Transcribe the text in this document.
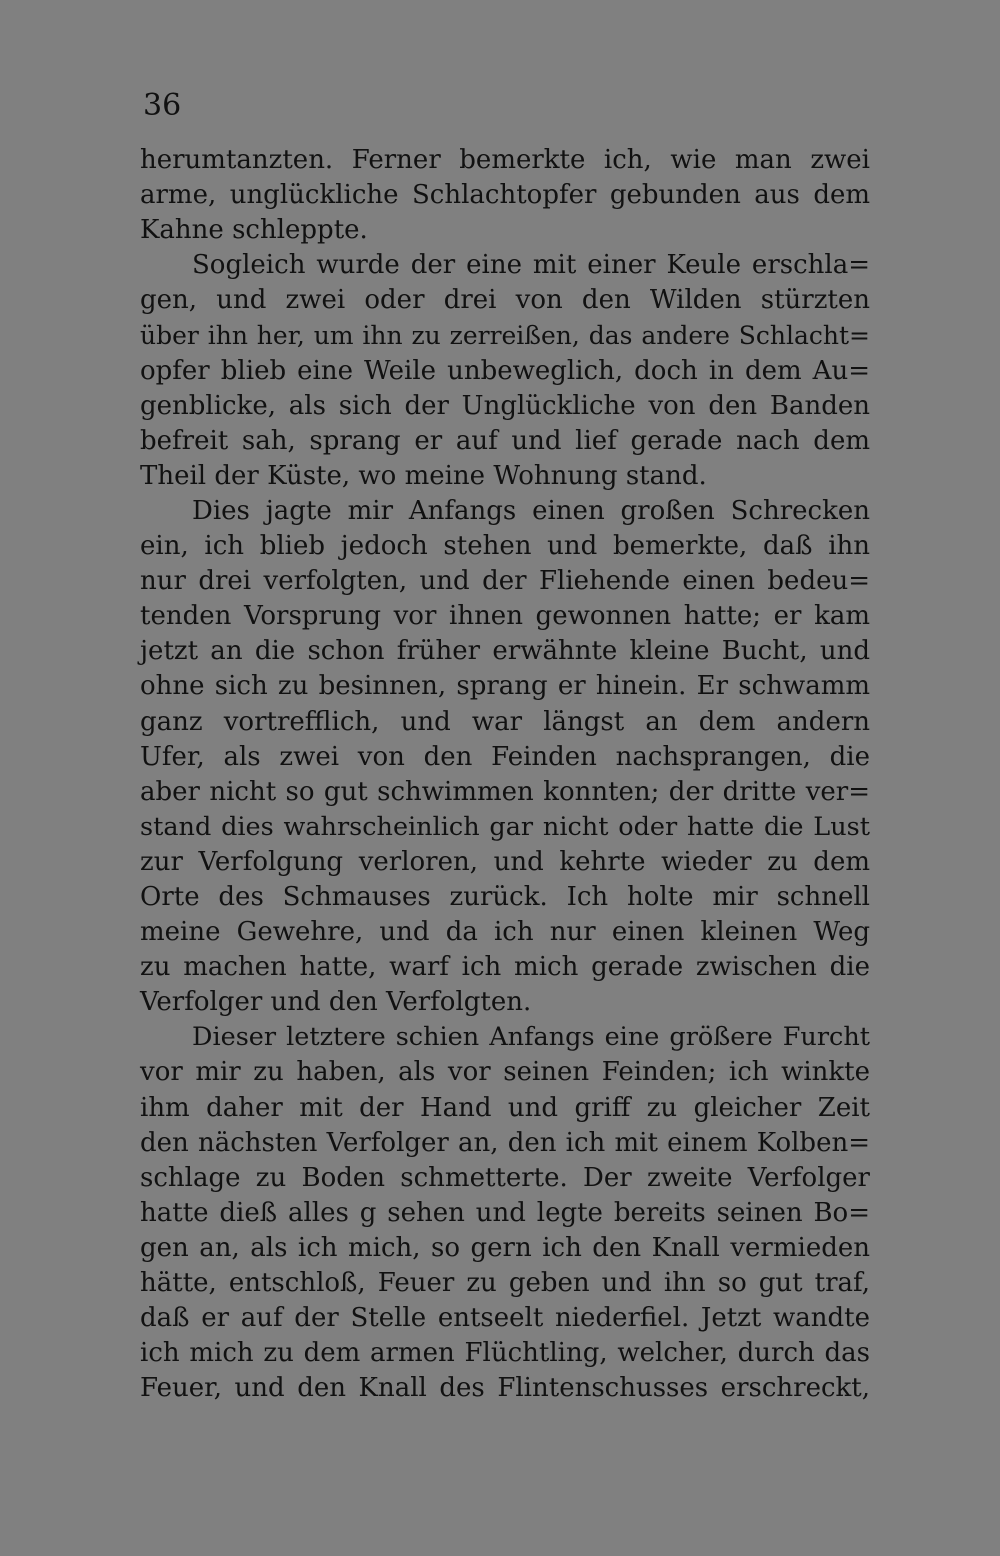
36

herumtanzten. Ferner bemerkte ich, wie man zwei
arme, unglückliche Schlachtopfer gebunden aus dem
Kahne schleppte.
Sogleich wurde der eine mit einer Keule erschla=
gen, und zwei oder drei von den Wilden stürzten
über ihn her, um ihn zu zerreißen, das andere Schlacht=
opfer blieb eine Weile unbeweglich, doch in dem Au=
genblicke, als sich der Unglückliche von den Banden
befreit sah, sprang er auf und lief gerade nach dem
Theil der Küste, wo meine Wohnung stand.
Dies jagte mir Anfangs einen großen Schrecken
ein, ich blieb jedoch stehen und bemerkte, daß ihn
nur drei verfolgten, und der Fliehende einen bedeu=
tenden Vorsprung vor ihnen gewonnen hatte; er kam
jetzt an die schon früher erwähnte kleine Bucht, und
ohne sich zu besinnen, sprang er hinein. Er schwamm
ganz vortrefflich, und war längst an dem andern
Ufer, als zwei von den Feinden nachsprangen, die
aber nicht so gut schwimmen konnten; der dritte ver=
stand dies wahrscheinlich gar nicht oder hatte die Lust
zur Verfolgung verloren, und kehrte wieder zu dem
Orte des Schmauses zurück. Ich holte mir schnell
meine Gewehre, und da ich nur einen kleinen Weg
zu machen hatte, warf ich mich gerade zwischen die
Verfolger und den Verfolgten.
Dieser letztere schien Anfangs eine größere Furcht
vor mir zu haben, als vor seinen Feinden; ich winkte
ihm daher mit der Hand und griff zu gleicher Zeit
den nächsten Verfolger an, den ich mit einem Kolben=
schlage zu Boden schmetterte. Der zweite Verfolger
hatte dieß alles g sehen und legte bereits seinen Bo=
gen an, als ich mich, so gern ich den Knall vermieden
hätte, entschloß, Feuer zu geben und ihn so gut traf,
daß er auf der Stelle entseelt niederfiel. Jetzt wandte
ich mich zu dem armen Flüchtling, welcher, durch das
Feuer, und den Knall des Flintenschusses erschreckt,
